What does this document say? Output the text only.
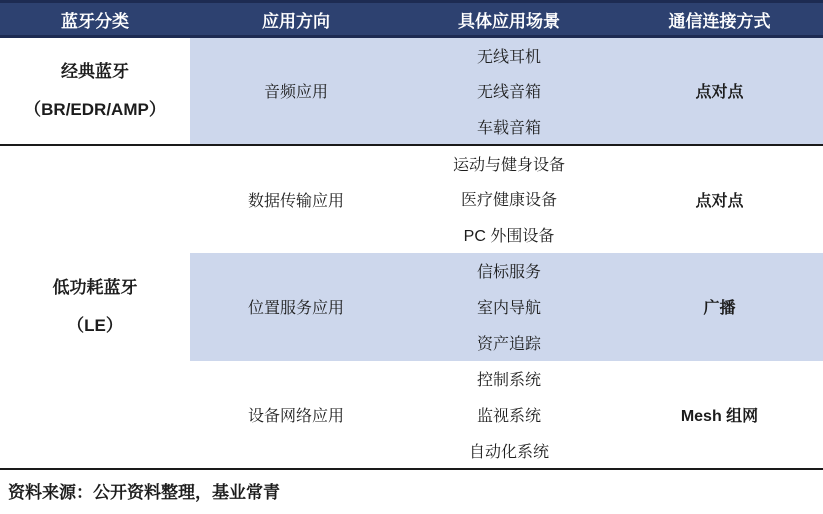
蓝牙分类	应用方向	具体应用场景	通信连接方式

经典蓝牙
（BR/EDR/AMP）	音频应用	无线耳机	点对点
		无线音箱	
		车载音箱	

低功耗蓝牙
（LE）	数据传输应用	运动与健身设备	点对点
		医疗健康设备	
		PC 外围设备	
	位置服务应用	信标服务	广播
		室内导航	
		资产追踪	
	设备网络应用	控制系统	Mesh 组网
		监视系统	
		自动化系统	
资料来源：公开资料整理，基业常青
